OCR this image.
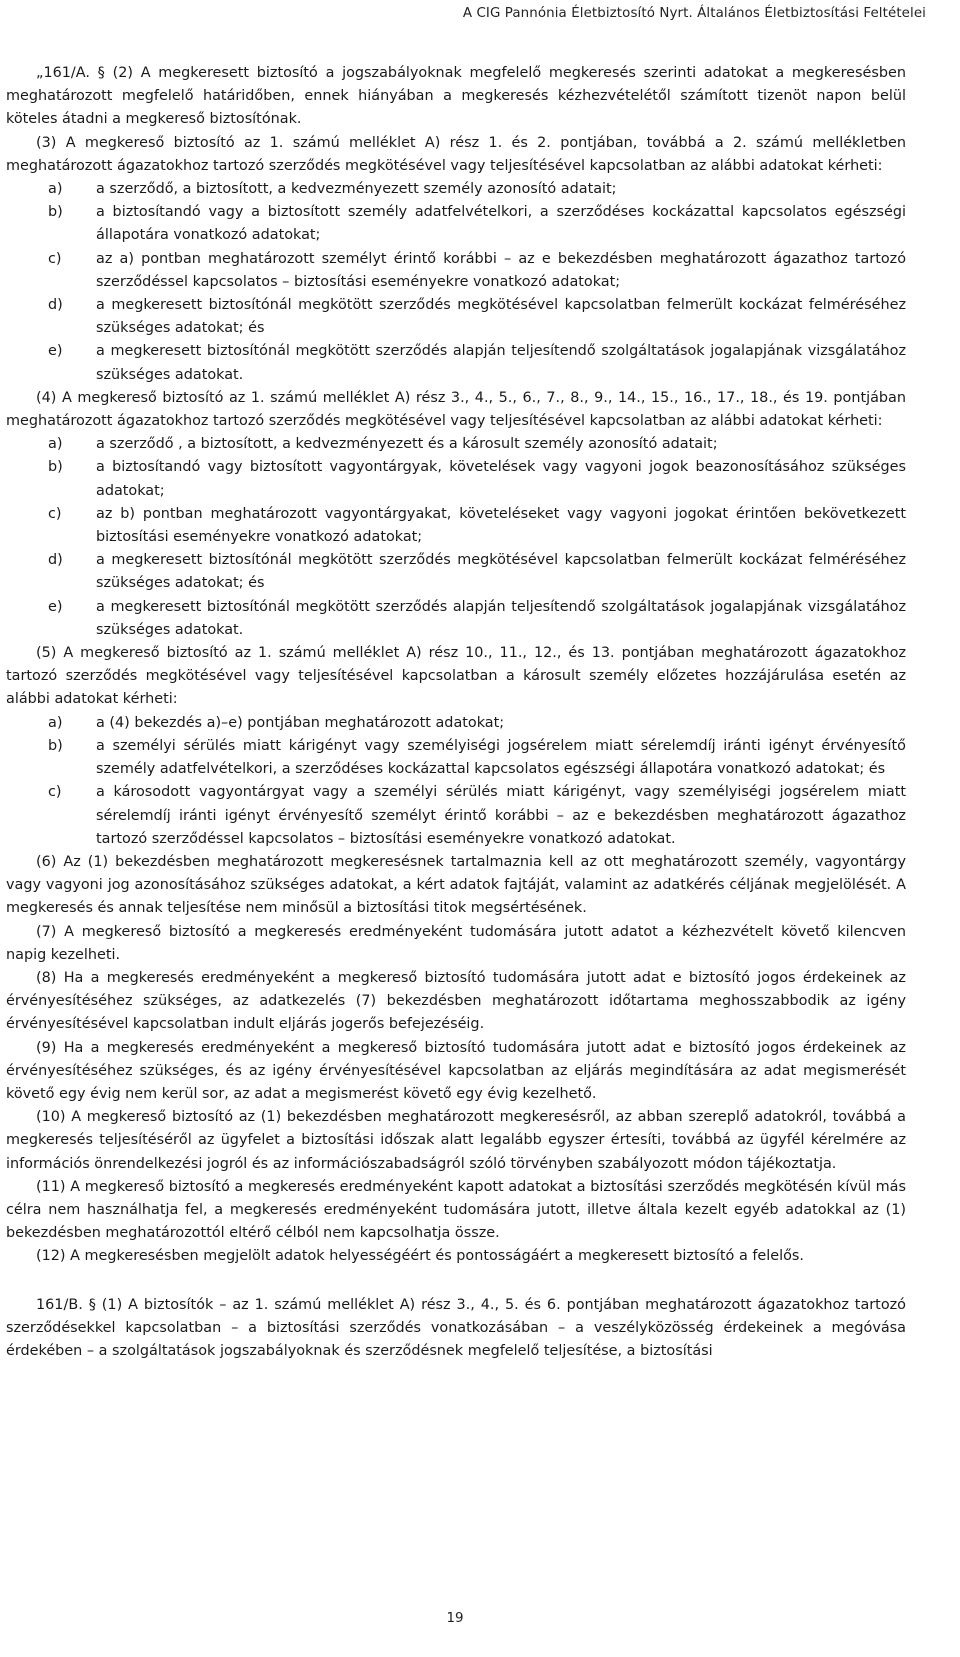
A CIG Pannónia Életbiztosító Nyrt. Általános Életbiztosítási Feltételei

„161/A. § (2) A megkeresett biztosító a jogszabályoknak megfelelő megkeresés szerinti adatokat a megkeresésben meghatározott megfelelő határidőben, ennek hiányában a megkeresés kézhezvételétől számított tizenöt napon belül köteles átadni a megkereső biztosítónak.

(3) A megkereső biztosító az 1. számú melléklet A) rész 1. és 2. pontjában, továbbá a 2. számú mellékletben meghatározott ágazatokhoz tartozó szerződés megkötésével vagy teljesítésével kapcsolatban az alábbi adatokat kérheti:

a)	a szerződő, a biztosított, a kedvezményezett személy azonosító adatait;
b)	a biztosítandó vagy a biztosított személy adatfelvételkori, a szerződéses kockázattal kapcsolatos egészségi állapotára vonatkozó adatokat;
c)	az a) pontban meghatározott személyt érintő korábbi – az e bekezdésben meghatározott ágazathoz tartozó szerződéssel kapcsolatos – biztosítási eseményekre vonatkozó adatokat;
d)	a megkeresett biztosítónál megkötött szerződés megkötésével kapcsolatban felmerült kockázat felméréséhez szükséges adatokat; és
e)	a megkeresett biztosítónál megkötött szerződés alapján teljesítendő szolgáltatások jogalapjának vizsgálatához szükséges adatokat.

(4) A megkereső biztosító az 1. számú melléklet A) rész 3., 4., 5., 6., 7., 8., 9., 14., 15., 16., 17., 18., és 19. pontjában meghatározott ágazatokhoz tartozó szerződés megkötésével vagy teljesítésével kapcsolatban az alábbi adatokat kérheti:

a)	a szerződő , a biztosított, a kedvezményezett és a károsult személy azonosító adatait;
b)	a biztosítandó vagy biztosított vagyontárgyak, követelések vagy vagyoni jogok beazonosításához szükséges adatokat;
c)	az b) pontban meghatározott vagyontárgyakat, követeléseket vagy vagyoni jogokat érintően bekövetkezett biztosítási eseményekre vonatkozó adatokat;
d)	a megkeresett biztosítónál megkötött szerződés megkötésével kapcsolatban felmerült kockázat felméréséhez szükséges adatokat; és
e)	a megkeresett biztosítónál megkötött szerződés alapján teljesítendő szolgáltatások jogalapjának vizsgálatához szükséges adatokat.

(5) A megkereső biztosító az 1. számú melléklet A) rész 10., 11., 12., és 13. pontjában meghatározott ágazatokhoz tartozó szerződés megkötésével vagy teljesítésével kapcsolatban a károsult személy előzetes hozzájárulása esetén az alábbi adatokat kérheti:

a)	a (4) bekezdés a)–e) pontjában meghatározott adatokat;
b)	a személyi sérülés miatt kárigényt vagy személyiségi jogsérelem miatt sérelemdíj iránti igényt érvényesítő személy adatfelvételkori, a szerződéses kockázattal kapcsolatos egészségi állapotára vonatkozó adatokat; és
c)	a károsodott vagyontárgyat vagy a személyi sérülés miatt kárigényt, vagy személyiségi jogsérelem miatt sérelemdíj iránti igényt érvényesítő személyt érintő korábbi – az e bekezdésben meghatározott ágazathoz tartozó szerződéssel kapcsolatos – biztosítási eseményekre vonatkozó adatokat.

(6) Az (1) bekezdésben meghatározott megkeresésnek tartalmaznia kell az ott meghatározott személy, vagyontárgy vagy vagyoni jog azonosításához szükséges adatokat, a kért adatok fajtáját, valamint az adatkérés céljának megjelölését. A megkeresés és annak teljesítése nem minősül a biztosítási titok megsértésének.

(7) A megkereső biztosító a megkeresés eredményeként tudomására jutott adatot a kézhezvételt követő kilencven napig kezelheti.

(8) Ha a megkeresés eredményeként a megkereső biztosító tudomására jutott adat e biztosító jogos érdekeinek az érvényesítéséhez szükséges, az adatkezelés (7) bekezdésben meghatározott időtartama meghosszabbodik az igény érvényesítésével kapcsolatban indult eljárás jogerős befejezéséig.

(9) Ha a megkeresés eredményeként a megkereső biztosító tudomására jutott adat e biztosító jogos érdekeinek az érvényesítéséhez szükséges, és az igény érvényesítésével kapcsolatban az eljárás megindítására az adat megismerését követő egy évig nem kerül sor, az adat a megismerést követő egy évig kezelhető.

(10) A megkereső biztosító az (1) bekezdésben meghatározott megkeresésről, az abban szereplő adatokról, továbbá a megkeresés teljesítéséről az ügyfelet a biztosítási időszak alatt legalább egyszer értesíti, továbbá az ügyfél kérelmére az információs önrendelkezési jogról és az információszabadságról szóló törvényben szabályozott módon tájékoztatja.

(11) A megkereső biztosító a megkeresés eredményeként kapott adatokat a biztosítási szerződés megkötésén kívül más célra nem használhatja fel, a megkeresés eredményeként tudomására jutott, illetve általa kezelt egyéb adatokkal az (1) bekezdésben meghatározottól eltérő célból nem kapcsolhatja össze.

(12) A megkeresésben megjelölt adatok helyességéért és pontosságáért a megkeresett biztosító a felelős.

161/B. § (1) A biztosítók – az 1. számú melléklet A) rész 3., 4., 5. és 6. pontjában meghatározott ágazatokhoz tartozó szerződésekkel kapcsolatban – a biztosítási szerződés vonatkozásában – a veszélyközösség érdekeinek a megóvása érdekében – a szolgáltatások jogszabályoknak és szerződésnek megfelelő teljesítése, a biztosítási

19
